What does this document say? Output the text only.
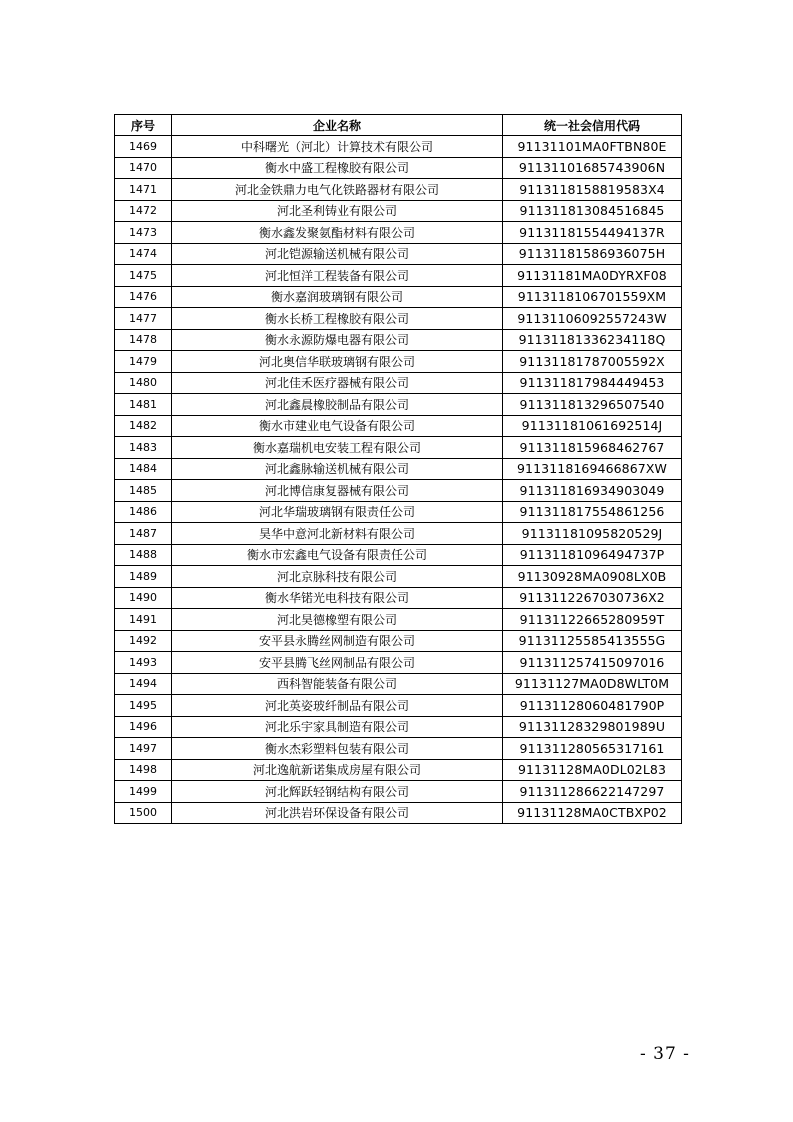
序号	企业名称	统一社会信用代码
1469	中科曙光（河北）计算技术有限公司	91131101MA0FTBN80E
1470	衡水中盛工程橡胶有限公司	91131101685743906N
1471	河北金铁鼎力电气化铁路器材有限公司	9113118158819583X4
1472	河北圣利铸业有限公司	911311813084516845
1473	衡水鑫发聚氨酯材料有限公司	91131181554494137R
1474	河北铠源输送机械有限公司	91131181586936075H
1475	河北恒洋工程装备有限公司	91131181MA0DYRXF08
1476	衡水嘉润玻璃钢有限公司	9113118106701559XM
1477	衡水长桥工程橡胶有限公司	91131106092557243W
1478	衡水永源防爆电器有限公司	91131181336234118Q
1479	河北奥信华联玻璃钢有限公司	91131181787005592X
1480	河北佳禾医疗器械有限公司	911311817984449453
1481	河北鑫晨橡胶制品有限公司	911311813296507540
1482	衡水市建业电气设备有限公司	91131181061692514J
1483	衡水嘉瑞机电安装工程有限公司	911311815968462767
1484	河北鑫脉输送机械有限公司	9113118169466867XW
1485	河北博信康复器械有限公司	911311816934903049
1486	河北华瑞玻璃钢有限责任公司	911311817554861256
1487	昊华中意河北新材料有限公司	91131181095820529J
1488	衡水市宏鑫电气设备有限责任公司	91131181096494737P
1489	河北京脉科技有限公司	91130928MA0908LX0B
1490	衡水华锘光电科技有限公司	9113112267030736X2
1491	河北昊德橡塑有限公司	91131122665280959T
1492	安平县永腾丝网制造有限公司	91131125585413555G
1493	安平县腾飞丝网制品有限公司	911311257415097016
1494	西科智能装备有限公司	91131127MA0D8WLT0M
1495	河北英姿玻纤制品有限公司	91131128060481790P
1496	河北乐宇家具制造有限公司	91131128329801989U
1497	衡水杰彩塑料包装有限公司	911311280565317161
1498	河北逸航新诺集成房屋有限公司	91131128MA0DL02L83
1499	河北辉跃轻钢结构有限公司	911311286622147297
1500	河北洪岩环保设备有限公司	91131128MA0CTBXP02
- 37 -
